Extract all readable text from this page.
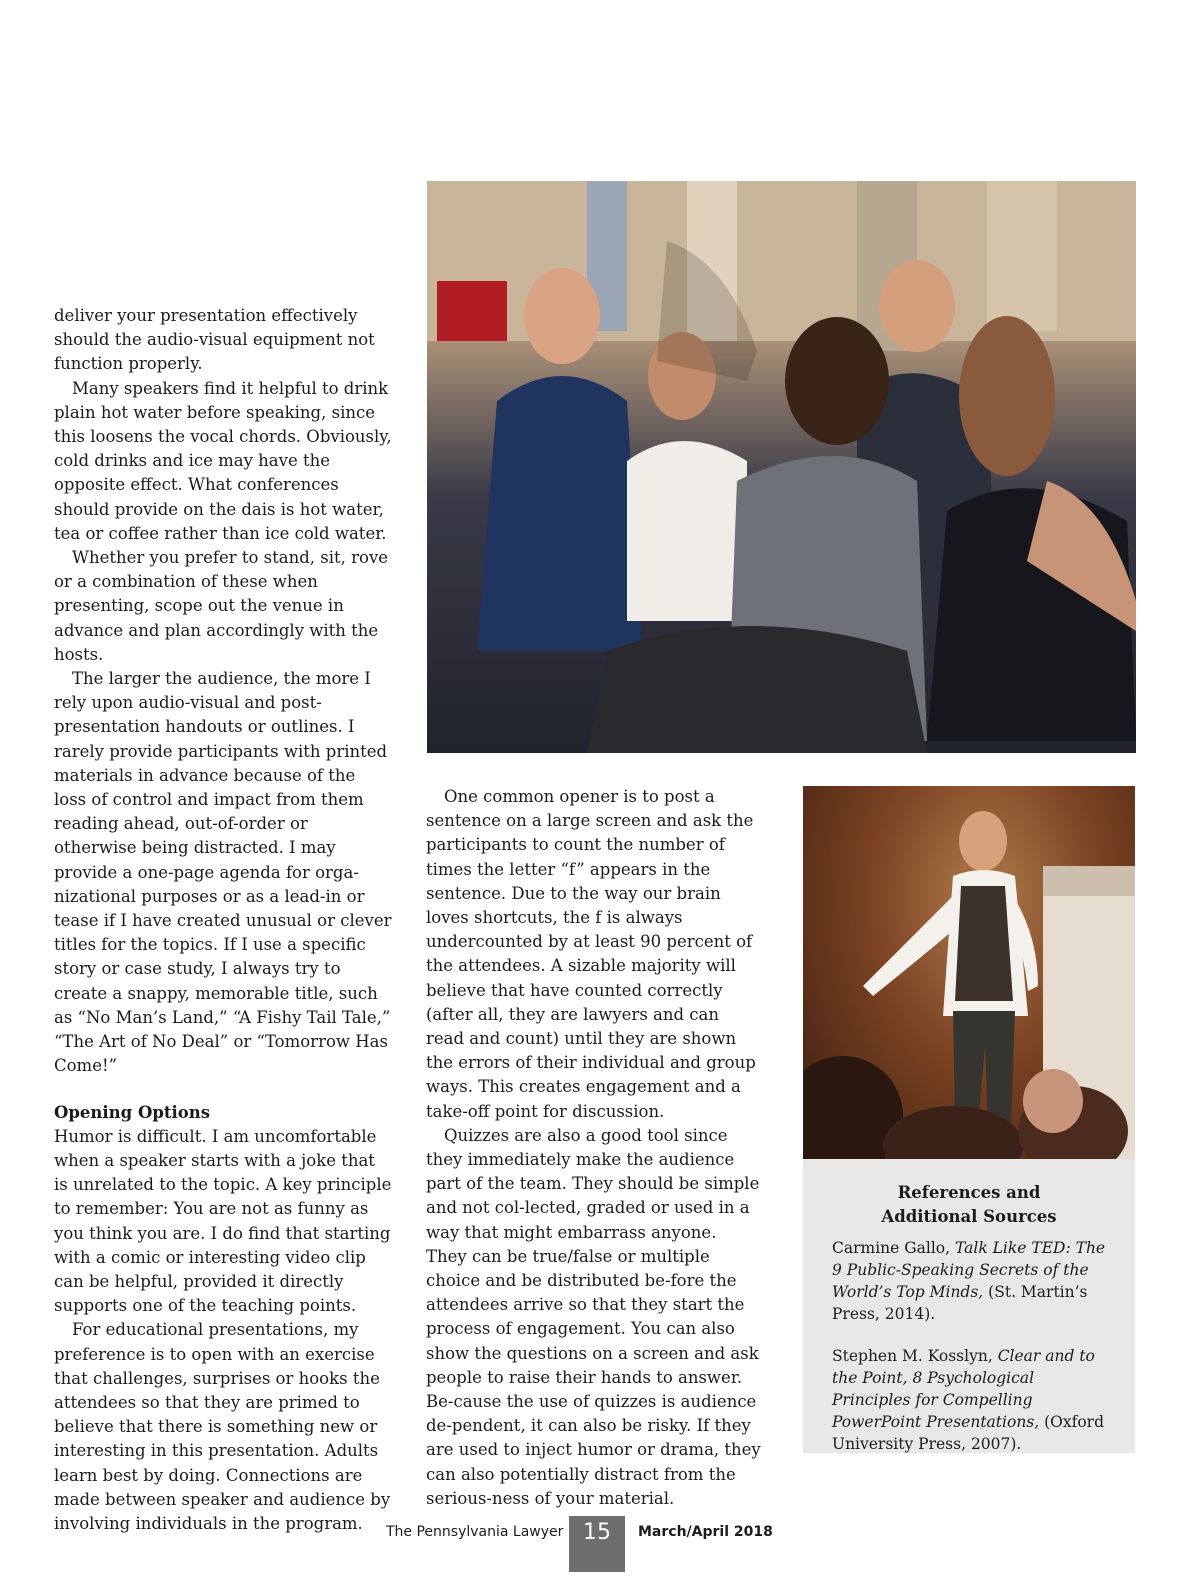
deliver your presentation effectively should the audio-visual equipment not function properly.

Many speakers find it helpful to drink plain hot water before speaking, since this loosens the vocal chords. Obviously, cold drinks and ice may have the opposite effect. What conferences should provide on the dais is hot water, tea or coffee rather than ice cold water.

Whether you prefer to stand, sit, rove or a combination of these when presenting, scope out the venue in advance and plan accordingly with the hosts.

The larger the audience, the more I rely upon audio-visual and post-presentation handouts or outlines. I rarely provide participants with printed materials in advance because of the loss of control and impact from them reading ahead, out-of-order or otherwise being distracted. I may provide a one-page agenda for orga-nizational purposes or as a lead-in or tease if I have created unusual or clever titles for the topics. If I use a specific story or case study, I always try to create a snappy, memorable title, such as “No Man’s Land,” “A Fishy Tail Tale,” “The Art of No Deal” or “Tomorrow Has Come!”

Opening Options

Humor is difficult. I am uncomfortable when a speaker starts with a joke that is unrelated to the topic. A key principle to remember: You are not as funny as you think you are. I do find that starting with a comic or interesting video clip can be helpful, provided it directly supports one of the teaching points.

For educational presentations, my preference is to open with an exercise that challenges, surprises or hooks the attendees so that they are primed to believe that there is something new or interesting in this presentation. Adults learn best by doing. Connections are made between speaker and audience by involving individuals in the program.

One common opener is to post a sentence on a large screen and ask the participants to count the number of times the letter “f” appears in the sentence. Due to the way our brain loves shortcuts, the f is always undercounted by at least 90 percent of the attendees. A sizable majority will believe that have counted correctly (after all, they are lawyers and can read and count) until they are shown the errors of their individual and group ways. This creates engagement and a take-off point for discussion.

Quizzes are also a good tool since they immediately make the audience part of the team. They should be simple and not col-lected, graded or used in a way that might embarrass anyone. They can be true/false or multiple choice and be distributed be-fore the attendees arrive so that they start the process of engagement. You can also show the questions on a screen and ask people to raise their hands to answer. Be-cause the use of quizzes is audience de-pendent, it can also be risky. If they are used to inject humor or drama, they can also potentially distract from the serious-ness of your material.

References and
Additional Sources

Carmine Gallo, Talk Like TED: The 9 Public-Speaking Secrets of the World’s Top Minds, (St. Martin’s Press, 2014).

Stephen M. Kosslyn, Clear and to the Point, 8 Psychological Principles for Compelling PowerPoint Presentations, (Oxford University Press, 2007).

The Pennsylvania Lawyer 15	March/April 2018
